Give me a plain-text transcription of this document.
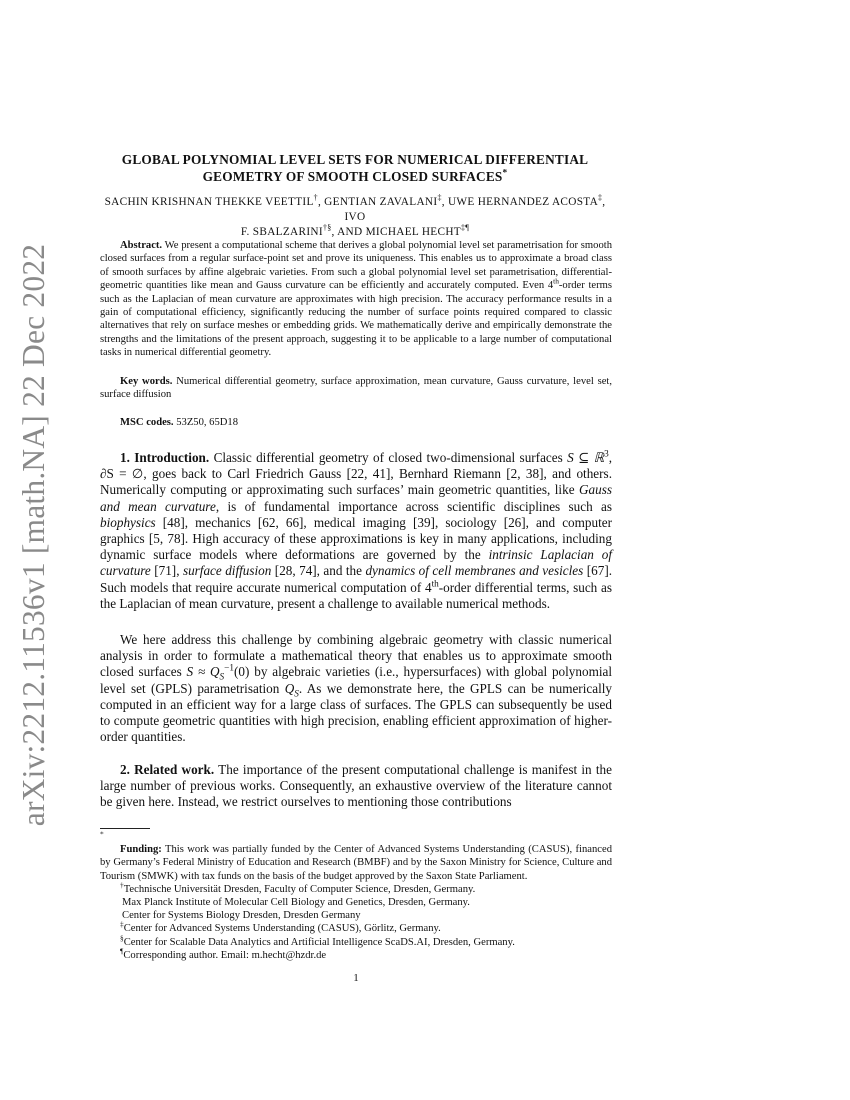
arXiv:2212.11536v1 [math.NA] 22 Dec 2022
GLOBAL POLYNOMIAL LEVEL SETS FOR NUMERICAL DIFFERENTIAL
GEOMETRY OF SMOOTH CLOSED SURFACES*
SACHIN KRISHNAN THEKKE VEETTIL†, GENTIAN ZAVALANI‡, UWE HERNANDEZ ACOSTA‡, IVO
F. SBALZARINI†§, AND MICHAEL HECHT‡¶
Abstract. We present a computational scheme that derives a global polynomial level set parametrisation for smooth closed surfaces from a regular surface-point set and prove its uniqueness. This enables us to approximate a broad class of smooth surfaces by affine algebraic varieties. From such a global polynomial level set parametrisation, differential-geometric quantities like mean and Gauss curvature can be efficiently and accurately computed. Even 4th-order terms such as the Laplacian of mean curvature are approximates with high precision. The accuracy performance results in a gain of computational efficiency, significantly reducing the number of surface points required compared to classic alternatives that rely on surface meshes or embedding grids. We mathematically derive and empirically demonstrate the strengths and the limitations of the present approach, suggesting it to be applicable to a large number of computational tasks in numerical differential geometry.
Key words. Numerical differential geometry, surface approximation, mean curvature, Gauss curvature, level set, surface diffusion
MSC codes. 53Z50, 65D18
1. Introduction. Classic differential geometry of closed two-dimensional surfaces S ⊆ ℝ$^3$, ∂S = ∅, goes back to Carl Friedrich Gauss [22, 41], Bernhard Riemann [2, 38], and others. Numerically computing or approximating such surfaces’ main geometric quantities, like Gauss and mean curvature, is of fundamental importance across scientific disciplines such as biophysics [48], mechanics [62, 66], medical imaging [39], sociology [26], and computer graphics [5, 78]. High accuracy of these approximations is key in many applications, including dynamic surface models where deformations are governed by the intrinsic Laplacian of curvature [71], surface diffusion [28, 74], and the dynamics of cell membranes and vesicles [67]. Such models that require accurate numerical computation of 4th-order differential terms, such as the Laplacian of mean curvature, present a challenge to available numerical methods.
We here address this challenge by combining algebraic geometry with classic numerical analysis in order to formulate a mathematical theory that enables us to approximate smooth closed surfaces $S \approx Q_S^{-1}(0)$ by algebraic varieties (i.e., hypersurfaces) with global polynomial level set (GPLS) parametrisation $Q_S$. As we demonstrate here, the GPLS can be numerically computed in an efficient way for a large class of surfaces. The GPLS can subsequently be used to compute geometric quantities with high precision, enabling efficient approximation of higher-order quantities.
2. Related work. The importance of the present computational challenge is manifest in the large number of previous works. Consequently, an exhaustive overview of the literature cannot be given here. Instead, we restrict ourselves to mentioning those contributions
*
Funding: This work was partially funded by the Center of Advanced Systems Understanding (CASUS), financed by Germany’s Federal Ministry of Education and Research (BMBF) and by the Saxon Ministry for Science, Culture and Tourism (SMWK) with tax funds on the basis of the budget approved by the Saxon State Parliament.
†Technische Universität Dresden, Faculty of Computer Science, Dresden, Germany.
Max Planck Institute of Molecular Cell Biology and Genetics, Dresden, Germany.
Center for Systems Biology Dresden, Dresden Germany
‡Center for Advanced Systems Understanding (CASUS), Görlitz, Germany.
§Center for Scalable Data Analytics and Artificial Intelligence ScaDS.AI, Dresden, Germany.
¶Corresponding author. Email: m.hecht@hzdr.de
1
